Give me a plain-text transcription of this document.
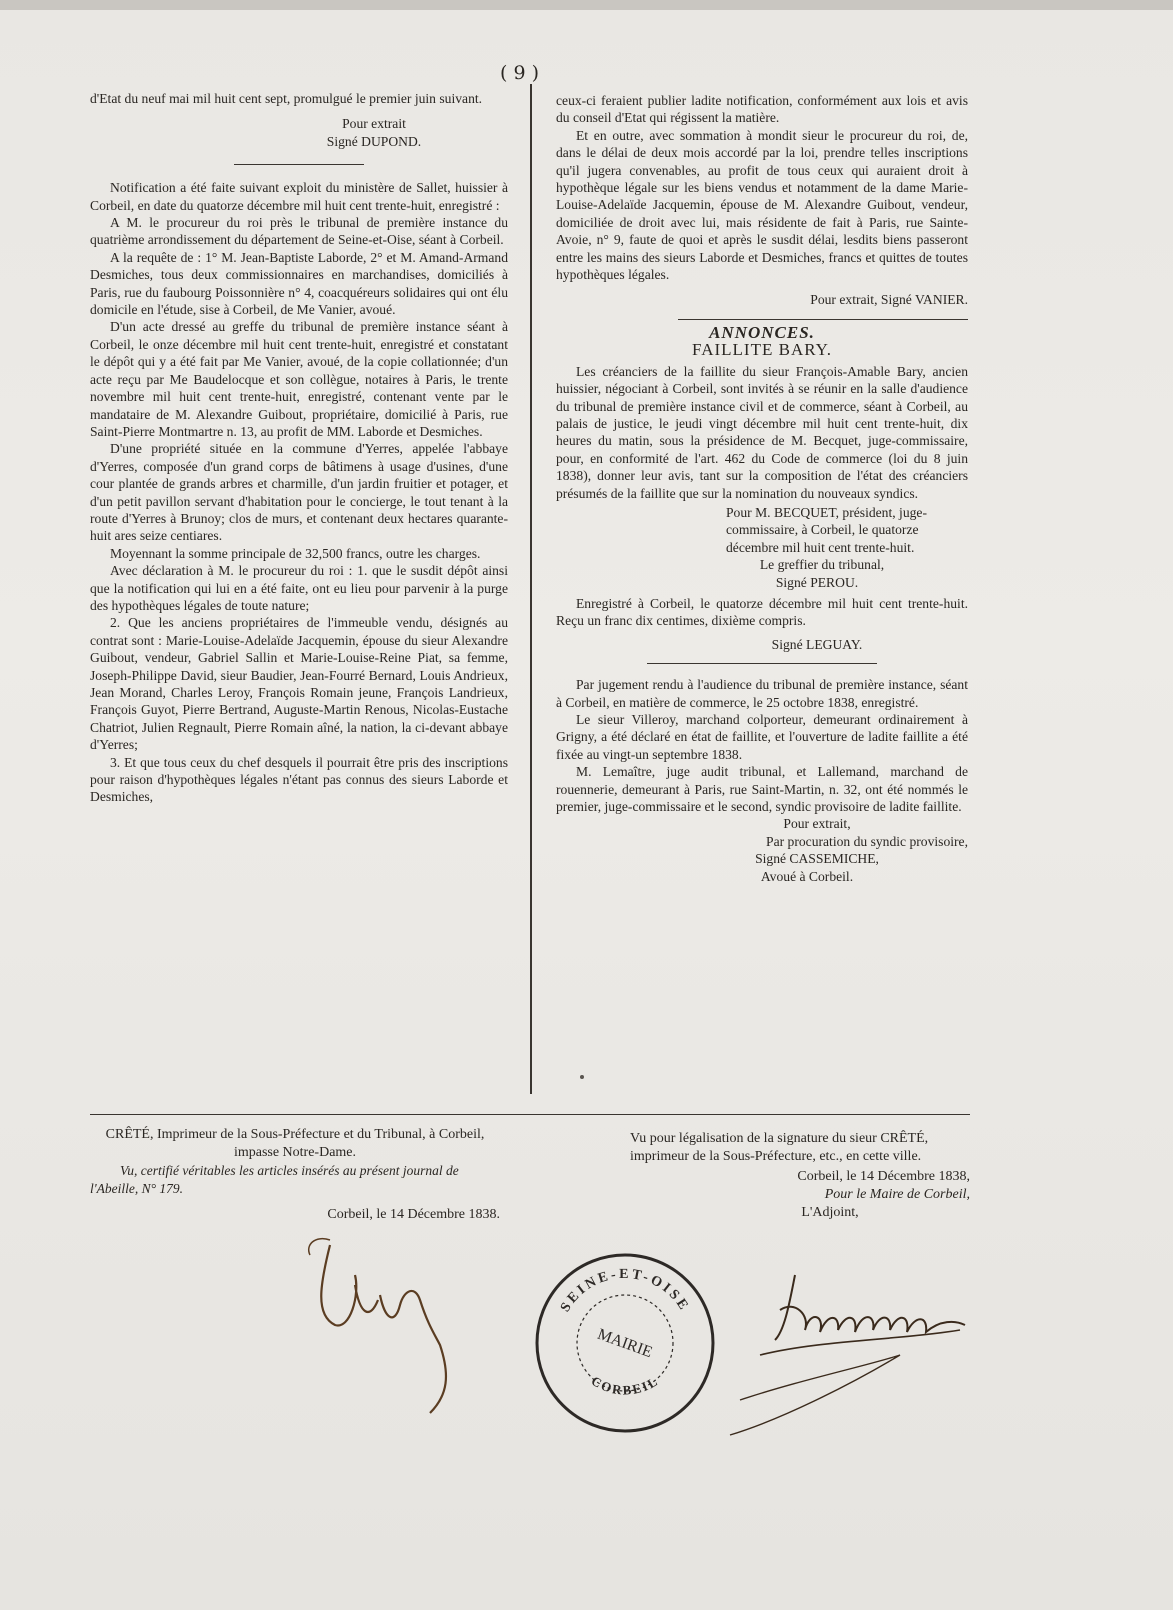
( 9 )

d'Etat du neuf mai mil huit cent sept, promulgué le premier juin suivant.

Pour extrait
Signé DUPOND.

Notification a été faite suivant exploit du ministère de Sallet, huissier à Corbeil, en date du quatorze décembre mil huit cent trente-huit, enregistré :

A M. le procureur du roi près le tribunal de première instance du quatrième arrondissement du département de Seine-et-Oise, séant à Corbeil.

A la requête de : 1° M. Jean-Baptiste Laborde, 2° et M. Amand-Armand Desmiches, tous deux commissionnaires en marchandises, domiciliés à Paris, rue du faubourg Poissonnière n° 4, coacquéreurs solidaires qui ont élu domicile en l'étude, sise à Corbeil, de Me Vanier, avoué.

D'un acte dressé au greffe du tribunal de première instance séant à Corbeil, le onze décembre mil huit cent trente-huit, enregistré et constatant le dépôt qui y a été fait par Me Vanier, avoué, de la copie collationnée; d'un acte reçu par Me Baudelocque et son collègue, notaires à Paris, le trente novembre mil huit cent trente-huit, enregistré, contenant vente par le mandataire de M. Alexandre Guibout, propriétaire, domicilié à Paris, rue Saint-Pierre Montmartre n. 13, au profit de MM. Laborde et Desmiches.

D'une propriété située en la commune d'Yerres, appelée l'abbaye d'Yerres, composée d'un grand corps de bâtimens à usage d'usines, d'une cour plantée de grands arbres et charmille, d'un jardin fruitier et potager, et d'un petit pavillon servant d'habitation pour le concierge, le tout tenant à la route d'Yerres à Brunoy; clos de murs, et contenant deux hectares quarante-huit ares seize centiares.

Moyennant la somme principale de 32,500 francs, outre les charges.

Avec déclaration à M. le procureur du roi : 1. que le susdit dépôt ainsi que la notification qui lui en a été faite, ont eu lieu pour parvenir à la purge des hypothèques légales de toute nature;

2. Que les anciens propriétaires de l'immeuble vendu, désignés au contrat sont : Marie-Louise-Adelaïde Jacquemin, épouse du sieur Alexandre Guibout, vendeur, Gabriel Sallin et Marie-Louise-Reine Piat, sa femme, Joseph-Philippe David, sieur Baudier, Jean-Fourré Bernard, Louis Andrieux, Jean Morand, Charles Leroy, François Romain jeune, François Landrieux, François Guyot, Pierre Bertrand, Auguste-Martin Renous, Nicolas-Eustache Chatriot, Julien Regnault, Pierre Romain aîné, la nation, la ci-devant abbaye d'Yerres;

3. Et que tous ceux du chef desquels il pourrait être pris des inscriptions pour raison d'hypothèques légales n'étant pas connus des sieurs Laborde et Desmiches,

ceux-ci feraient publier ladite notification, conformément aux lois et avis du conseil d'Etat qui régissent la matière.

Et en outre, avec sommation à mondit sieur le procureur du roi, de, dans le délai de deux mois accordé par la loi, prendre telles inscriptions qu'il jugera convenables, au profit de tous ceux qui auraient droit à hypothèque légale sur les biens vendus et notamment de la dame Marie-Louise-Adelaïde Jacquemin, épouse de M. Alexandre Guibout, vendeur, domiciliée de droit avec lui, mais résidente de fait à Paris, rue Sainte-Avoie, n° 9, faute de quoi et après le susdit délai, lesdits biens passeront entre les mains des sieurs Laborde et Desmiches, francs et quittes de toutes hypothèques légales.

Pour extrait, Signé VANIER.
ANNONCES.
FAILLITE BARY.

Les créanciers de la faillite du sieur François-Amable Bary, ancien huissier, négociant à Corbeil, sont invités à se réunir en la salle d'audience du tribunal de première instance civil et de commerce, séant à Corbeil, au palais de justice, le jeudi vingt décembre mil huit cent trente-huit, dix heures du matin, sous la présidence de M. Becquet, juge-commissaire, pour, en conformité de l'art. 462 du Code de commerce (loi du 8 juin 1838), donner leur avis, tant sur la composition de l'état des créanciers présumés de la faillite que sur la nomination du nouveaux syndics.

Pour M. BECQUET, président, juge-commissaire, à Corbeil, le quatorze décembre mil huit cent trente-huit.
Le greffier du tribunal,
Signé PEROU.

Enregistré à Corbeil, le quatorze décembre mil huit cent trente-huit. Reçu un franc dix centimes, dixième compris.

Signé LEGUAY.

Par jugement rendu à l'audience du tribunal de première instance, séant à Corbeil, en matière de commerce, le 25 octobre 1838, enregistré.

Le sieur Villeroy, marchand colporteur, demeurant ordinairement à Grigny, a été déclaré en état de faillite, et l'ouverture de ladite faillite a été fixée au vingt-un septembre 1838.

M. Lemaître, juge audit tribunal, et Lallemand, marchand de rouennerie, demeurant à Paris, rue Saint-Martin, n. 32, ont été nommés le premier, juge-commissaire et le second, syndic provisoire de ladite faillite.

Pour extrait,
Par procuration du syndic provisoire,
Signé CASSEMICHE,
Avoué à Corbeil.
CRÊTÉ, Imprimeur de la Sous-Préfecture et du Tribunal, à Corbeil, impasse Notre-Dame.
Vu, certifié véritables les articles insérés au présent journal de l'Abeille, N° 179.
Corbeil, le 14 Décembre 1838.
Vu pour légalisation de la signature du sieur CRÊTÉ, imprimeur de la Sous-Préfecture, etc., en cette ville.
Corbeil, le 14 Décembre 1838,
Pour le Maire de Corbeil,
L'Adjoint,
SEINE-ET-OISE
MAIRIE
CORBEIL
